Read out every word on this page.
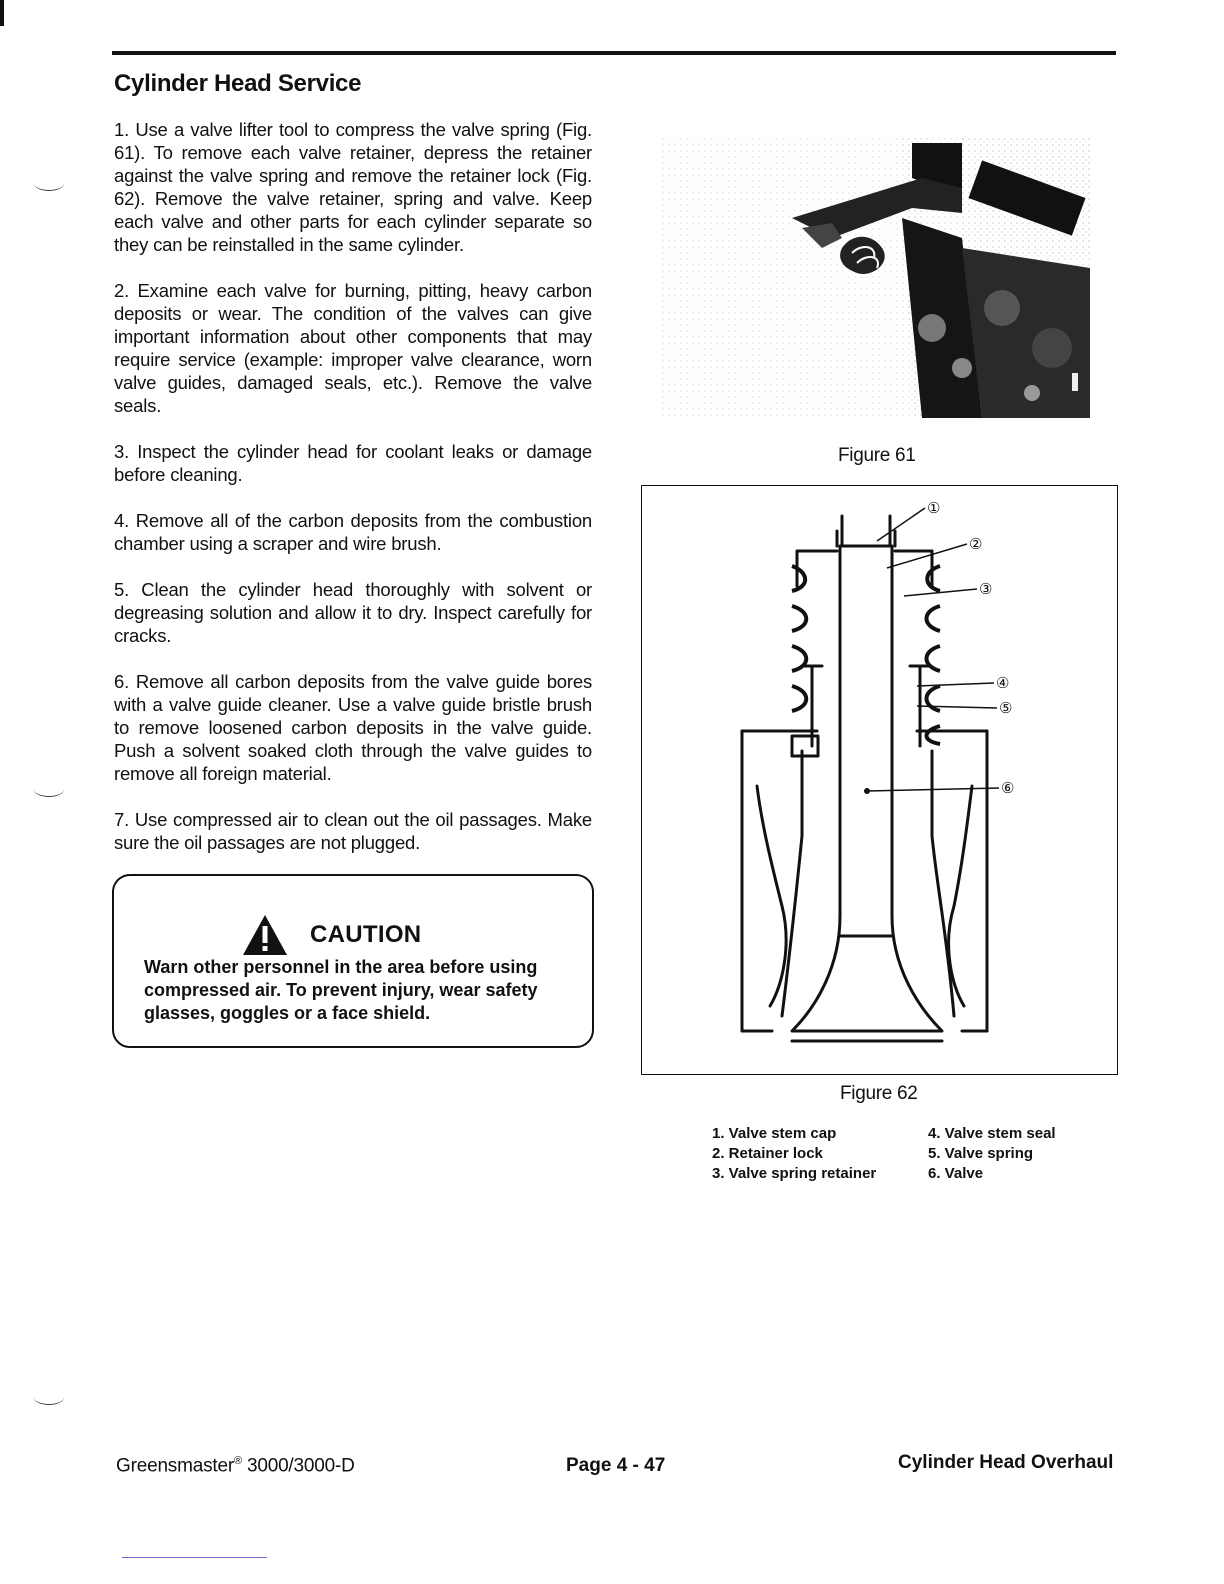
Cylinder Head Service

1. Use a valve lifter tool to compress the valve spring (Fig. 61). To remove each valve retainer, depress the retainer against the valve spring and remove the retainer lock (Fig. 62). Remove the valve retainer, spring and valve. Keep each valve and other parts for each cylinder separate so they can be reinstalled in the same cylinder.

2. Examine each valve for burning, pitting, heavy carbon deposits or wear. The condition of the valves can give important information about other components that may require service (example: improper valve clearance, worn valve guides, damaged seals, etc.). Remove the valve seals.

3. Inspect the cylinder head for coolant leaks or damage before cleaning.

4. Remove all of the carbon deposits from the combustion chamber using a scraper and wire brush.

5. Clean the cylinder head thoroughly with solvent or degreasing solution and allow it to dry. Inspect carefully for cracks.

6. Remove all carbon deposits from the valve guide bores with a valve guide cleaner. Use a valve guide bristle brush to remove loosened carbon deposits in the valve guide. Push a solvent soaked cloth through the valve guides to remove all foreign material.

7. Use compressed air to clean out the oil passages. Make sure the oil passages are not plugged.

CAUTION
Warn other personnel in the area before using compressed air. To prevent injury, wear safety glasses, goggles or a face shield.
Figure 61
①
②
③
④
⑤
⑥
Figure 62
1. Valve stem cap
2. Retainer lock
3. Valve spring retainer
4. Valve stem seal
5. Valve spring
6. Valve
Greensmaster® 3000/3000-D	Page 4 - 47	Cylinder Head Overhaul
